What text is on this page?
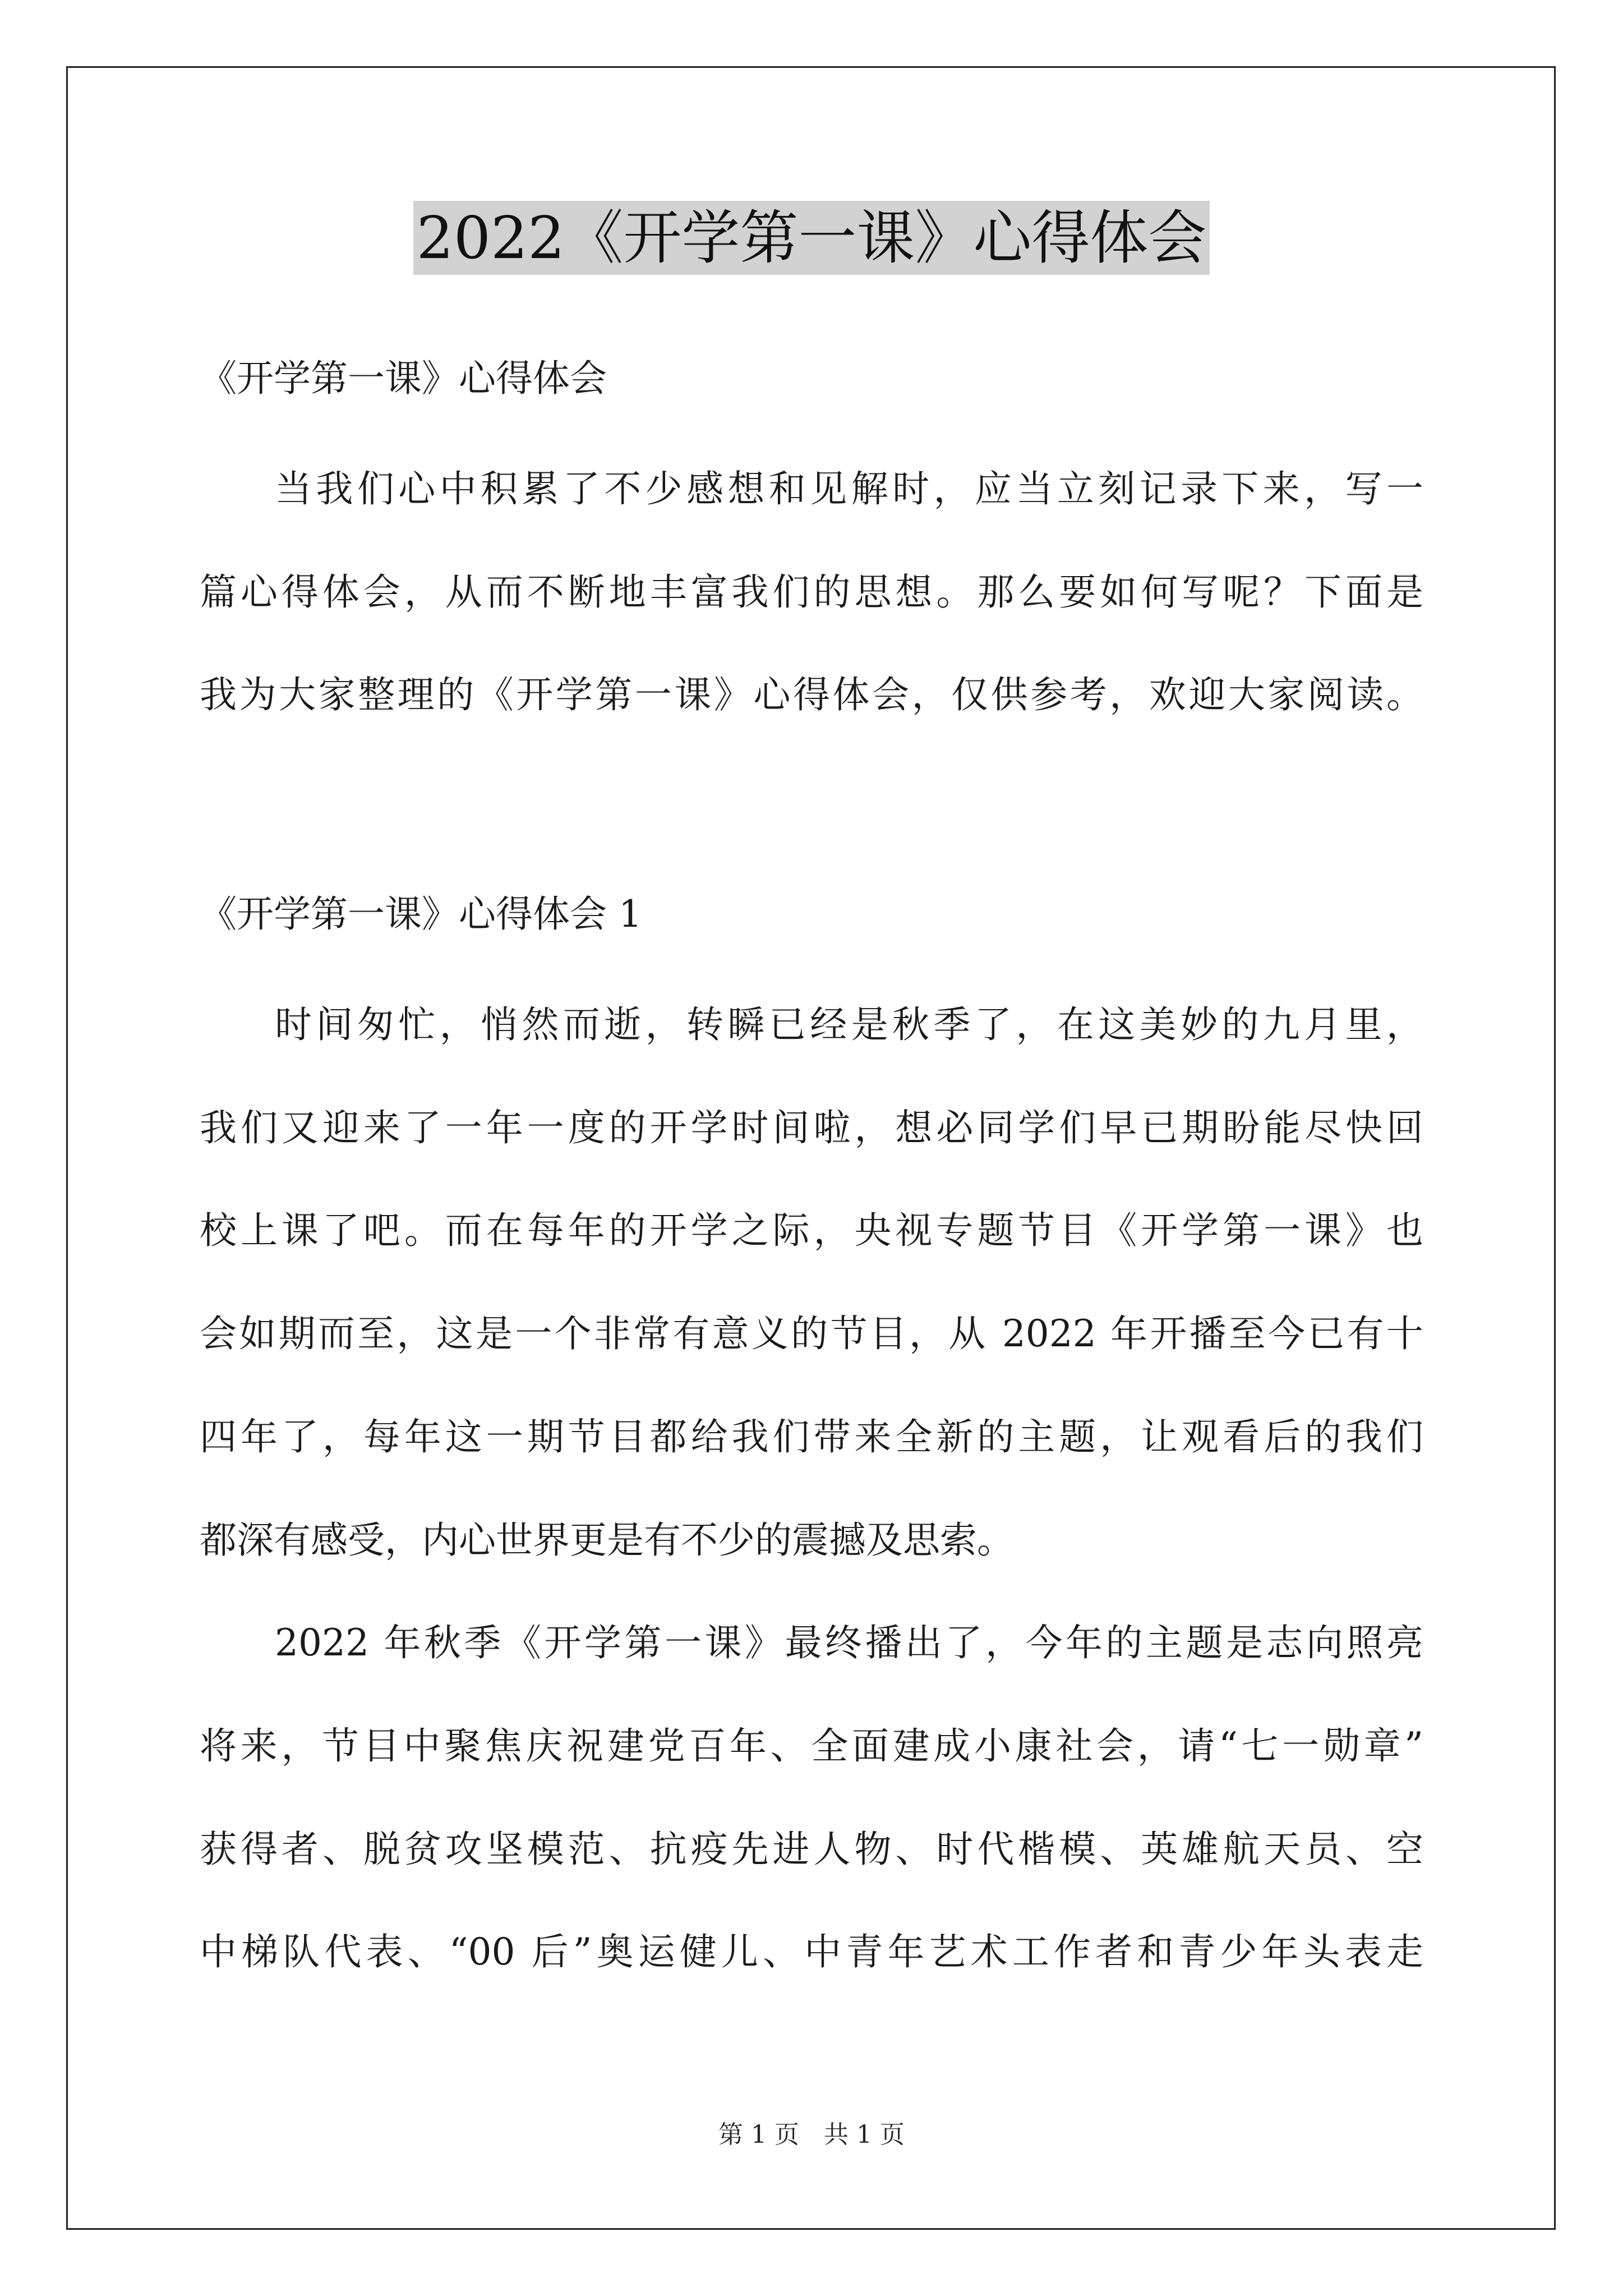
2022《开学第一课》心得体会
《开学第一课》心得体会
当我们心中积累了不少感想和见解时，应当立刻记录下来，写一
篇心得体会，从而不断地丰富我们的思想。那么要如何写呢？下面是
我为大家整理的《开学第一课》心得体会，仅供参考，欢迎大家阅读。
《开学第一课》心得体会 1
时间匆忙，悄然而逝，转瞬已经是秋季了，在这美妙的九月里，
我们又迎来了一年一度的开学时间啦，想必同学们早已期盼能尽快回
校上课了吧。而在每年的开学之际，央视专题节目《开学第一课》也
会如期而至，这是一个非常有意义的节目，从 2022 年开播至今已有十
四年了，每年这一期节目都给我们带来全新的主题，让观看后的我们
都深有感受，内心世界更是有不少的震撼及思索。
2022 年秋季《开学第一课》最终播出了，今年的主题是志向照亮
将来，节目中聚焦庆祝建党百年、全面建成小康社会，请“七一勋章”
获得者、脱贫攻坚模范、抗疫先进人物、时代楷模、英雄航天员、空
中梯队代表、“00 后”奥运健儿、中青年艺术工作者和青少年头表走
第 1 页　共 1 页
